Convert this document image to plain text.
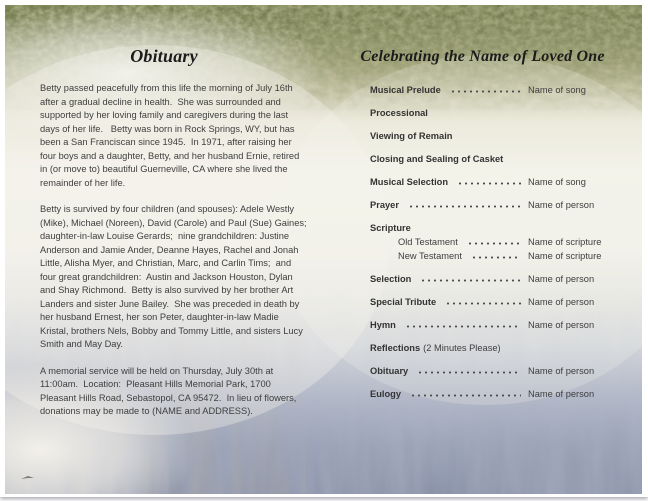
Obituary

Betty passed peacefully from this life the morning of July 16th after a gradual decline in health.  She was surrounded and supported by her loving family and caregivers during the last days of her life.   Betty was born in Rock Springs, WY, but has been a San Franciscan since 1945.  In 1971, after raising her four boys and a daughter, Betty, and her husband Ernie, retired in (or move to) beautiful Guerneville, CA where she lived the remainder of her life.

Betty is survived by four children (and spouses): Adele Westly (Mike), Michael (Noreen), David (Carole) and Paul (Sue) Gaines; daughter-in-law Louise Gerards;  nine grandchildren: Justine Anderson and Jamie Ander, Deanne Hayes, Rachel and Jonah Little, Alisha Myer, and Christian, Marc, and Carlin Tims;  and four great grandchildren:  Austin and Jackson Houston, Dylan and Shay Richmond.  Betty is also survived by her brother Art Landers and sister June Bailey.  She was preceded in death by her husband Ernest, her son Peter, daughter-in-law Madie Kristal, brothers Nels, Bobby and Tommy Little, and sisters Lucy Smith and May Day.

A memorial service will be held on Thursday, July 30th at 11:00am.  Location:  Pleasant Hills Memorial Park, 1700 Pleasant Hills Road, Sebastopol, CA 95472.  In lieu of flowers, donations may be made to (NAME and ADDRESS).

Celebrating the Name of Loved One
Musical Prelude	Name of song
Processional
Viewing of Remain
Closing and Sealing of Casket
Musical Selection	Name of song
Prayer	Name of person
Scripture
Old Testament	Name of scripture
New Testament	Name of scripture
Selection	Name of person
Special Tribute	Name of person
Hymn	Name of person
Reflections (2 Minutes Please)
Obituary	Name of person
Eulogy	Name of person
